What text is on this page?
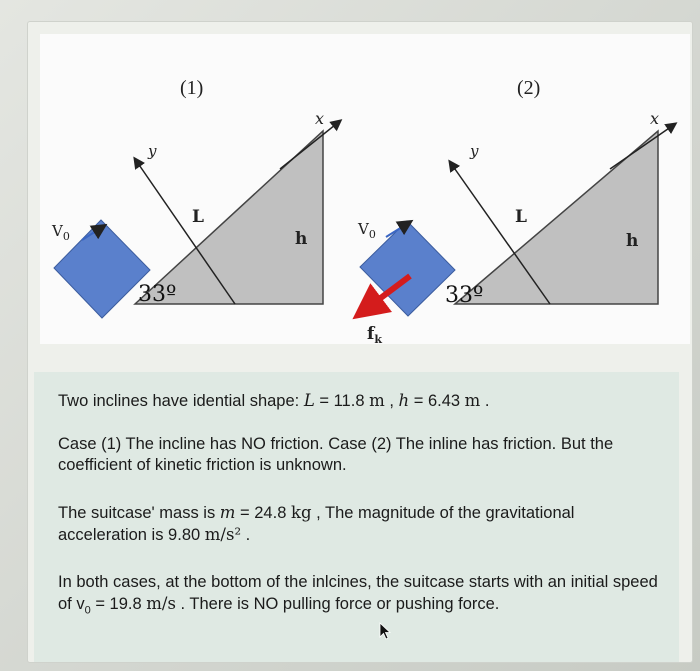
(1)
x
y
$V_0$
L
h
33º
(2)
x
y
$V_0$
$f_k$
L
h
33º
Two inclines have idential shape: L = 11.8 m , h = 6.43 m .
Case (1) The incline has NO friction. Case (2) The inline has friction. But the coefficient of kinetic friction is unknown.
The suitcase' mass is m = 24.8 kg , The magnitude of the gravitational acceleration is 9.80 m/s² .
In both cases, at the bottom of the inlcines, the suitcase starts with an initial speed of $v_0 = 19.8$ m/s . There is NO pulling force or pushing force.
